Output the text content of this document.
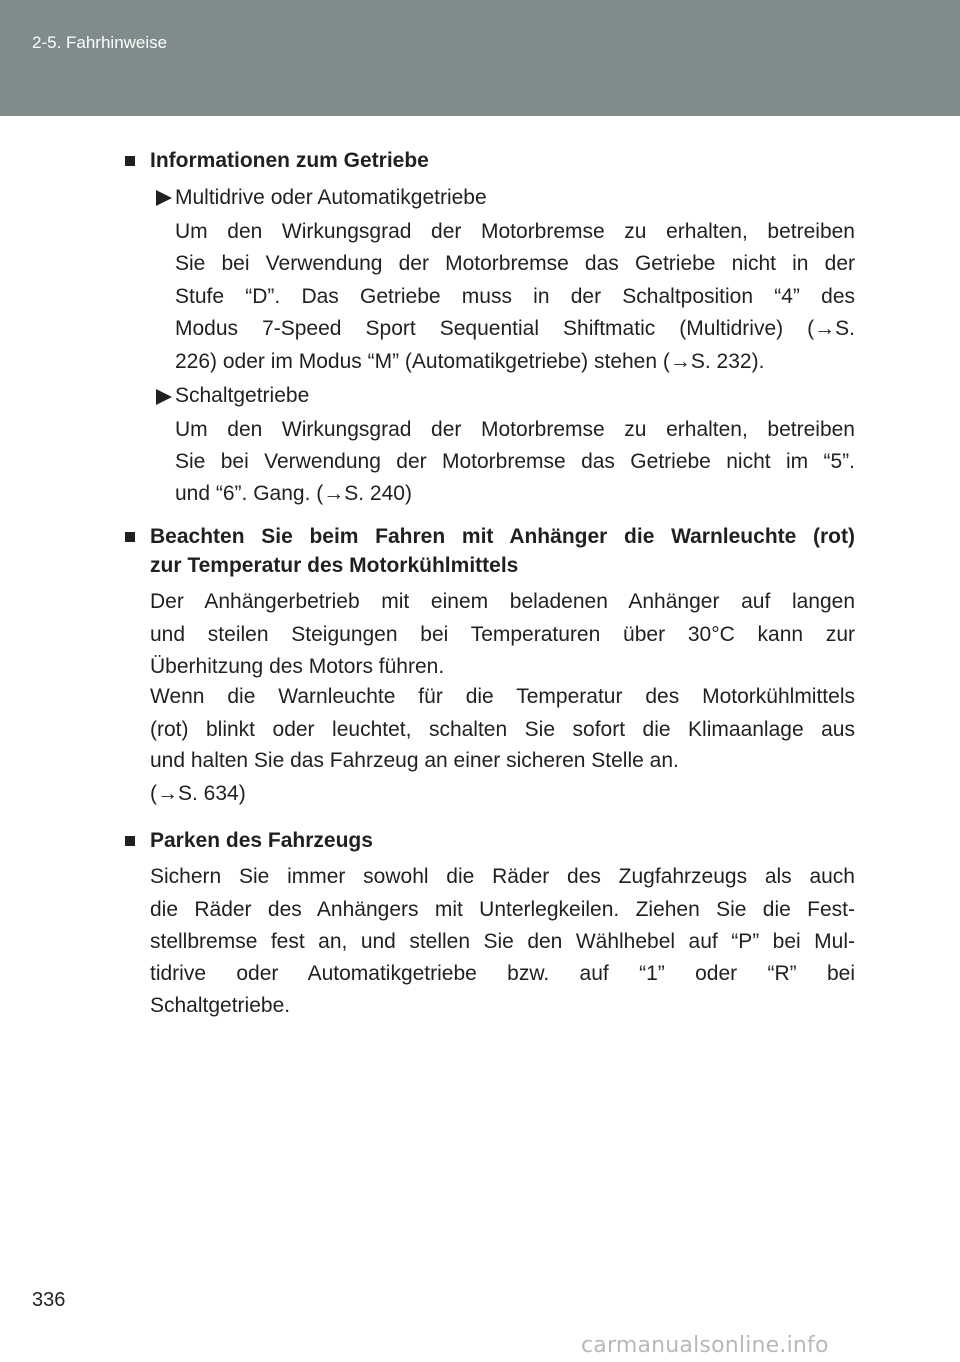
2-5. Fahrhinweise
Informationen zum Getriebe
Multidrive oder Automatikgetriebe
Um den Wirkungsgrad der Motorbremse zu erhalten, betreiben
Sie bei Verwendung der Motorbremse das Getriebe nicht in der
Stufe “D”. Das Getriebe muss in der Schaltposition “4” des
Modus 7-Speed Sport Sequential Shiftmatic (Multidrive) (→S.
226) oder im Modus “M” (Automatikgetriebe) stehen (→S. 232).
Schaltgetriebe
Um den Wirkungsgrad der Motorbremse zu erhalten, betreiben
Sie bei Verwendung der Motorbremse das Getriebe nicht im “5”.
und “6”. Gang. (→S. 240)
Beachten Sie beim Fahren mit Anhänger die Warnleuchte (rot)
zur Temperatur des Motorkühlmittels
Der Anhängerbetrieb mit einem beladenen Anhänger auf langen
und steilen Steigungen bei Temperaturen über 30°C kann zur
Überhitzung des Motors führen.
Wenn die Warnleuchte für die Temperatur des Motorkühlmittels
(rot) blinkt oder leuchtet, schalten Sie sofort die Klimaanlage aus
und halten Sie das Fahrzeug an einer sicheren Stelle an.
(→S. 634)
Parken des Fahrzeugs
Sichern Sie immer sowohl die Räder des Zugfahrzeugs als auch
die Räder des Anhängers mit Unterlegkeilen. Ziehen Sie die Fest-
stellbremse fest an, und stellen Sie den Wählhebel auf “P” bei Mul-
tidrive oder Automatikgetriebe bzw. auf “1” oder “R” bei
Schaltgetriebe.
336
carmanualsonline.info
